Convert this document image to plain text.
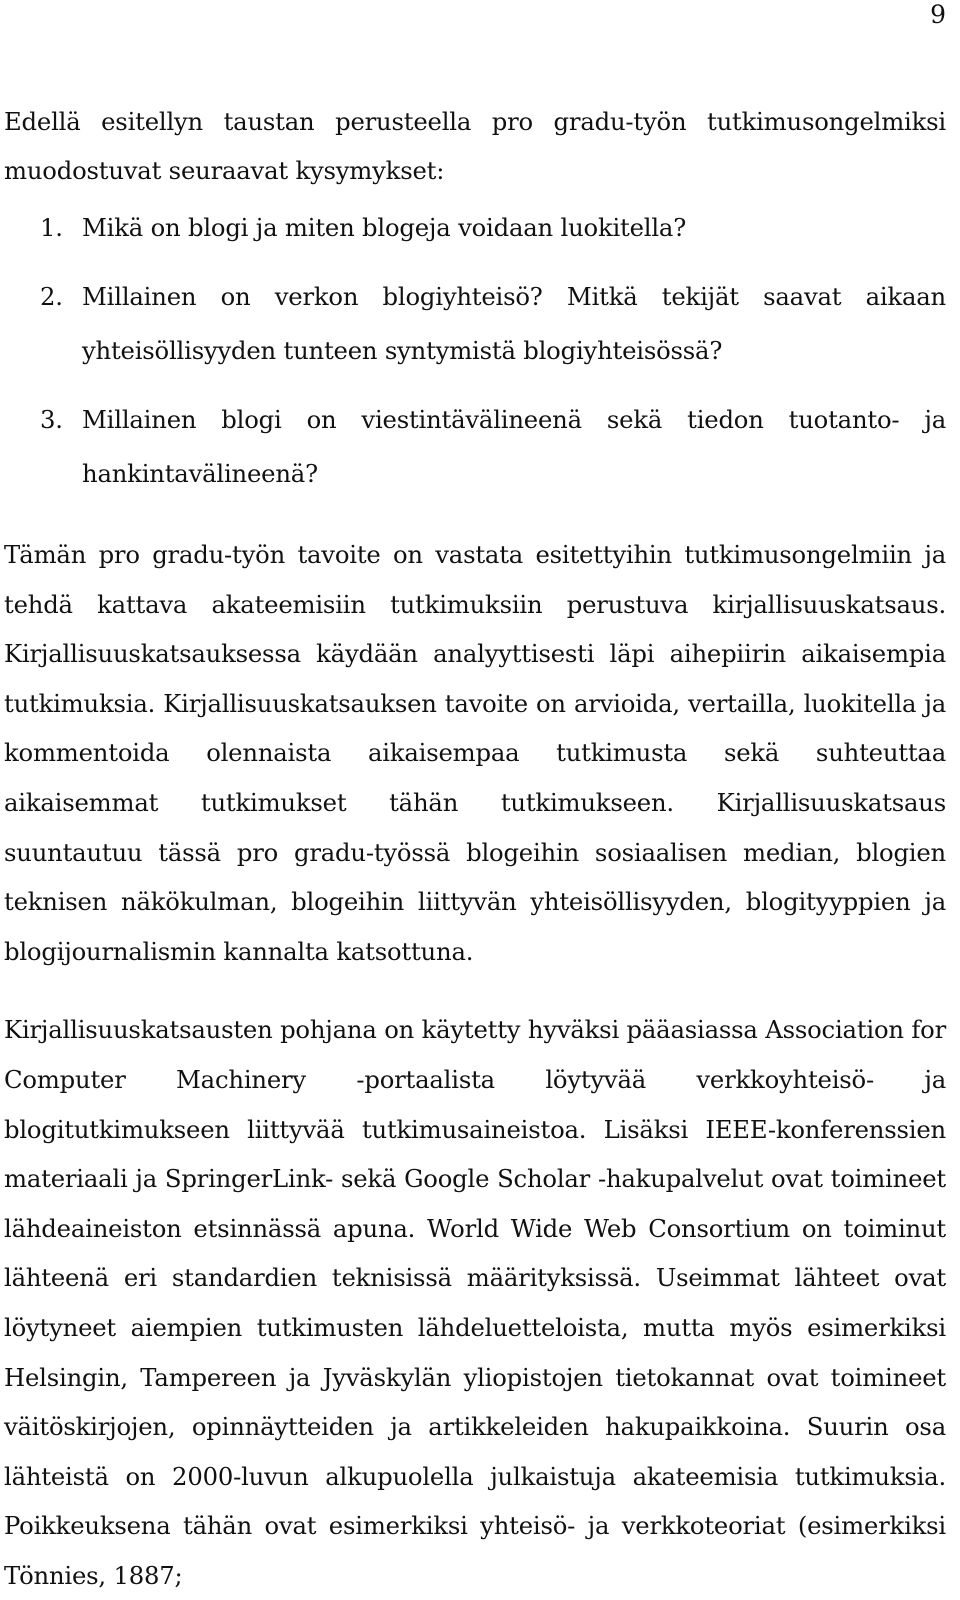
9

Edellä esitellyn taustan perusteella pro gradu-työn tutkimusongelmiksi muodostuvat seuraavat kysymykset:

1. Mikä on blogi ja miten blogeja voidaan luokitella?
2. Millainen on verkon blogiyhteisö? Mitkä tekijät saavat aikaan yhteisöllisyyden tunteen syntymistä blogiyhteisössä?
3. Millainen blogi on viestintävälineenä sekä tiedon tuotanto- ja hankintavälineenä?

Tämän pro gradu-työn tavoite on vastata esitettyihin tutkimusongelmiin ja tehdä kattava akateemisiin tutkimuksiin perustuva kirjallisuuskatsaus. Kirjallisuuskatsauksessa käydään analyyttisesti läpi aihepiirin aikaisempia tutkimuksia. Kirjallisuuskatsauksen tavoite on arvioida, vertailla, luokitella ja kommentoida olennaista aikaisempaa tutkimusta sekä suhteuttaa aikaisemmat tutkimukset tähän tutkimukseen. Kirjallisuuskatsaus suuntautuu tässä pro gradu-työssä blogeihin sosiaalisen median, blogien teknisen näkökulman, blogeihin liittyvän yhteisöllisyyden, blogityyppien ja blogijournalismin kannalta katsottuna.

Kirjallisuuskatsausten pohjana on käytetty hyväksi pääasiassa Association for Computer Machinery -portaalista löytyvää verkkoyhteisö- ja blogitutkimukseen liittyvää tutkimusaineistoa. Lisäksi IEEE-konferenssien materiaali ja SpringerLink- sekä Google Scholar -hakupalvelut ovat toimineet lähdeaineiston etsinnässä apuna. World Wide Web Consortium on toiminut lähteenä eri standardien teknisissä määrityksissä. Useimmat lähteet ovat löytyneet aiempien tutkimusten lähdeluetteloista, mutta myös esimerkiksi Helsingin, Tampereen ja Jyväskylän yliopistojen tietokannat ovat toimineet väitöskirjojen, opinnäytteiden ja artikkeleiden hakupaikkoina. Suurin osa lähteistä on 2000-luvun alkupuolella julkaistuja akateemisia tutkimuksia. Poikkeuksena tähän ovat esimerkiksi yhteisö- ja verkkoteoriat (esimerkiksi Tönnies, 1887;
